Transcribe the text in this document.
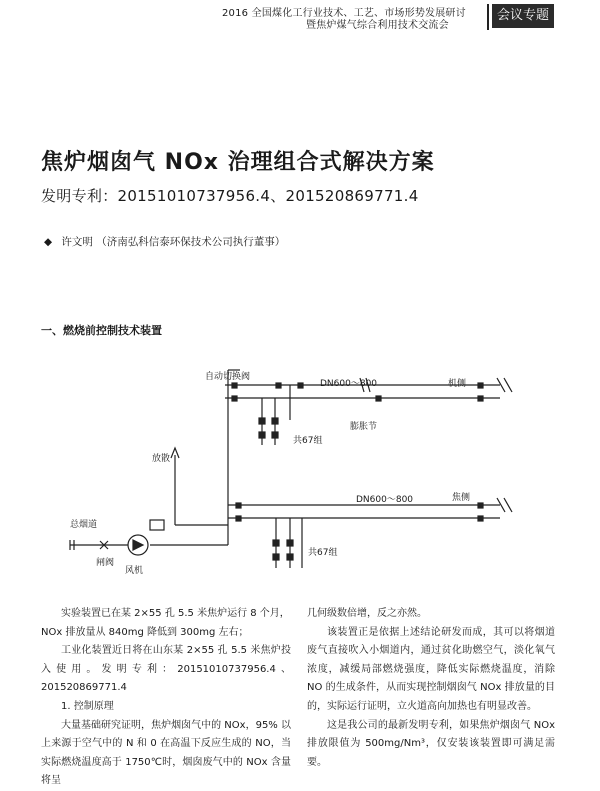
2016 全国煤化工行业技术、工艺、市场形势发展研讨
暨焦炉煤气综合利用技术交流会
会议专题
焦炉烟囱气 NOx 治理组合式解决方案
发明专利：20151010737956.4、201520869771.4
◆ 许文明 （济南弘科信泰环保技术公司执行董事）
一、燃烧前控制技术装置
自动切换阀
DN600～800	机侧
膨胀节
共67组
放散
DN600～800	焦侧
总烟道
闸阀
风机
共67组

实验装置已在某 2×55 孔 5.5 米焦炉运行 8 个月，

NOx 排放量从 840mg 降低到 300mg 左右；

工业化装置近日将在山东某 2×55 孔 5.5 米焦炉投入使用。发明专利：20151010737956.4、201520869771.4

1. 控制原理

大量基础研究证明，焦炉烟囱气中的 NOx，95% 以上来源于空气中的 N 和 0 在高温下反应生成的 NO，当实际燃烧温度高于 1750℃时，烟囱废气中的 NOx 含量将呈

几何级数倍增，反之亦然。

该装置正是依据上述结论研发而成，其可以将烟道废气直接吹入小烟道内，通过贫化助燃空气，淡化氧气浓度，减缓局部燃烧强度，降低实际燃烧温度，消除 NO 的生成条件，从而实现控制烟囱气 NOx 排放量的目的，实际运行证明，立火道高向加热也有明显改善。

这是我公司的最新发明专利，如果焦炉烟囱气 NOx 排放限值为 500mg/Nm³，仅安装该装置即可满足需要。
